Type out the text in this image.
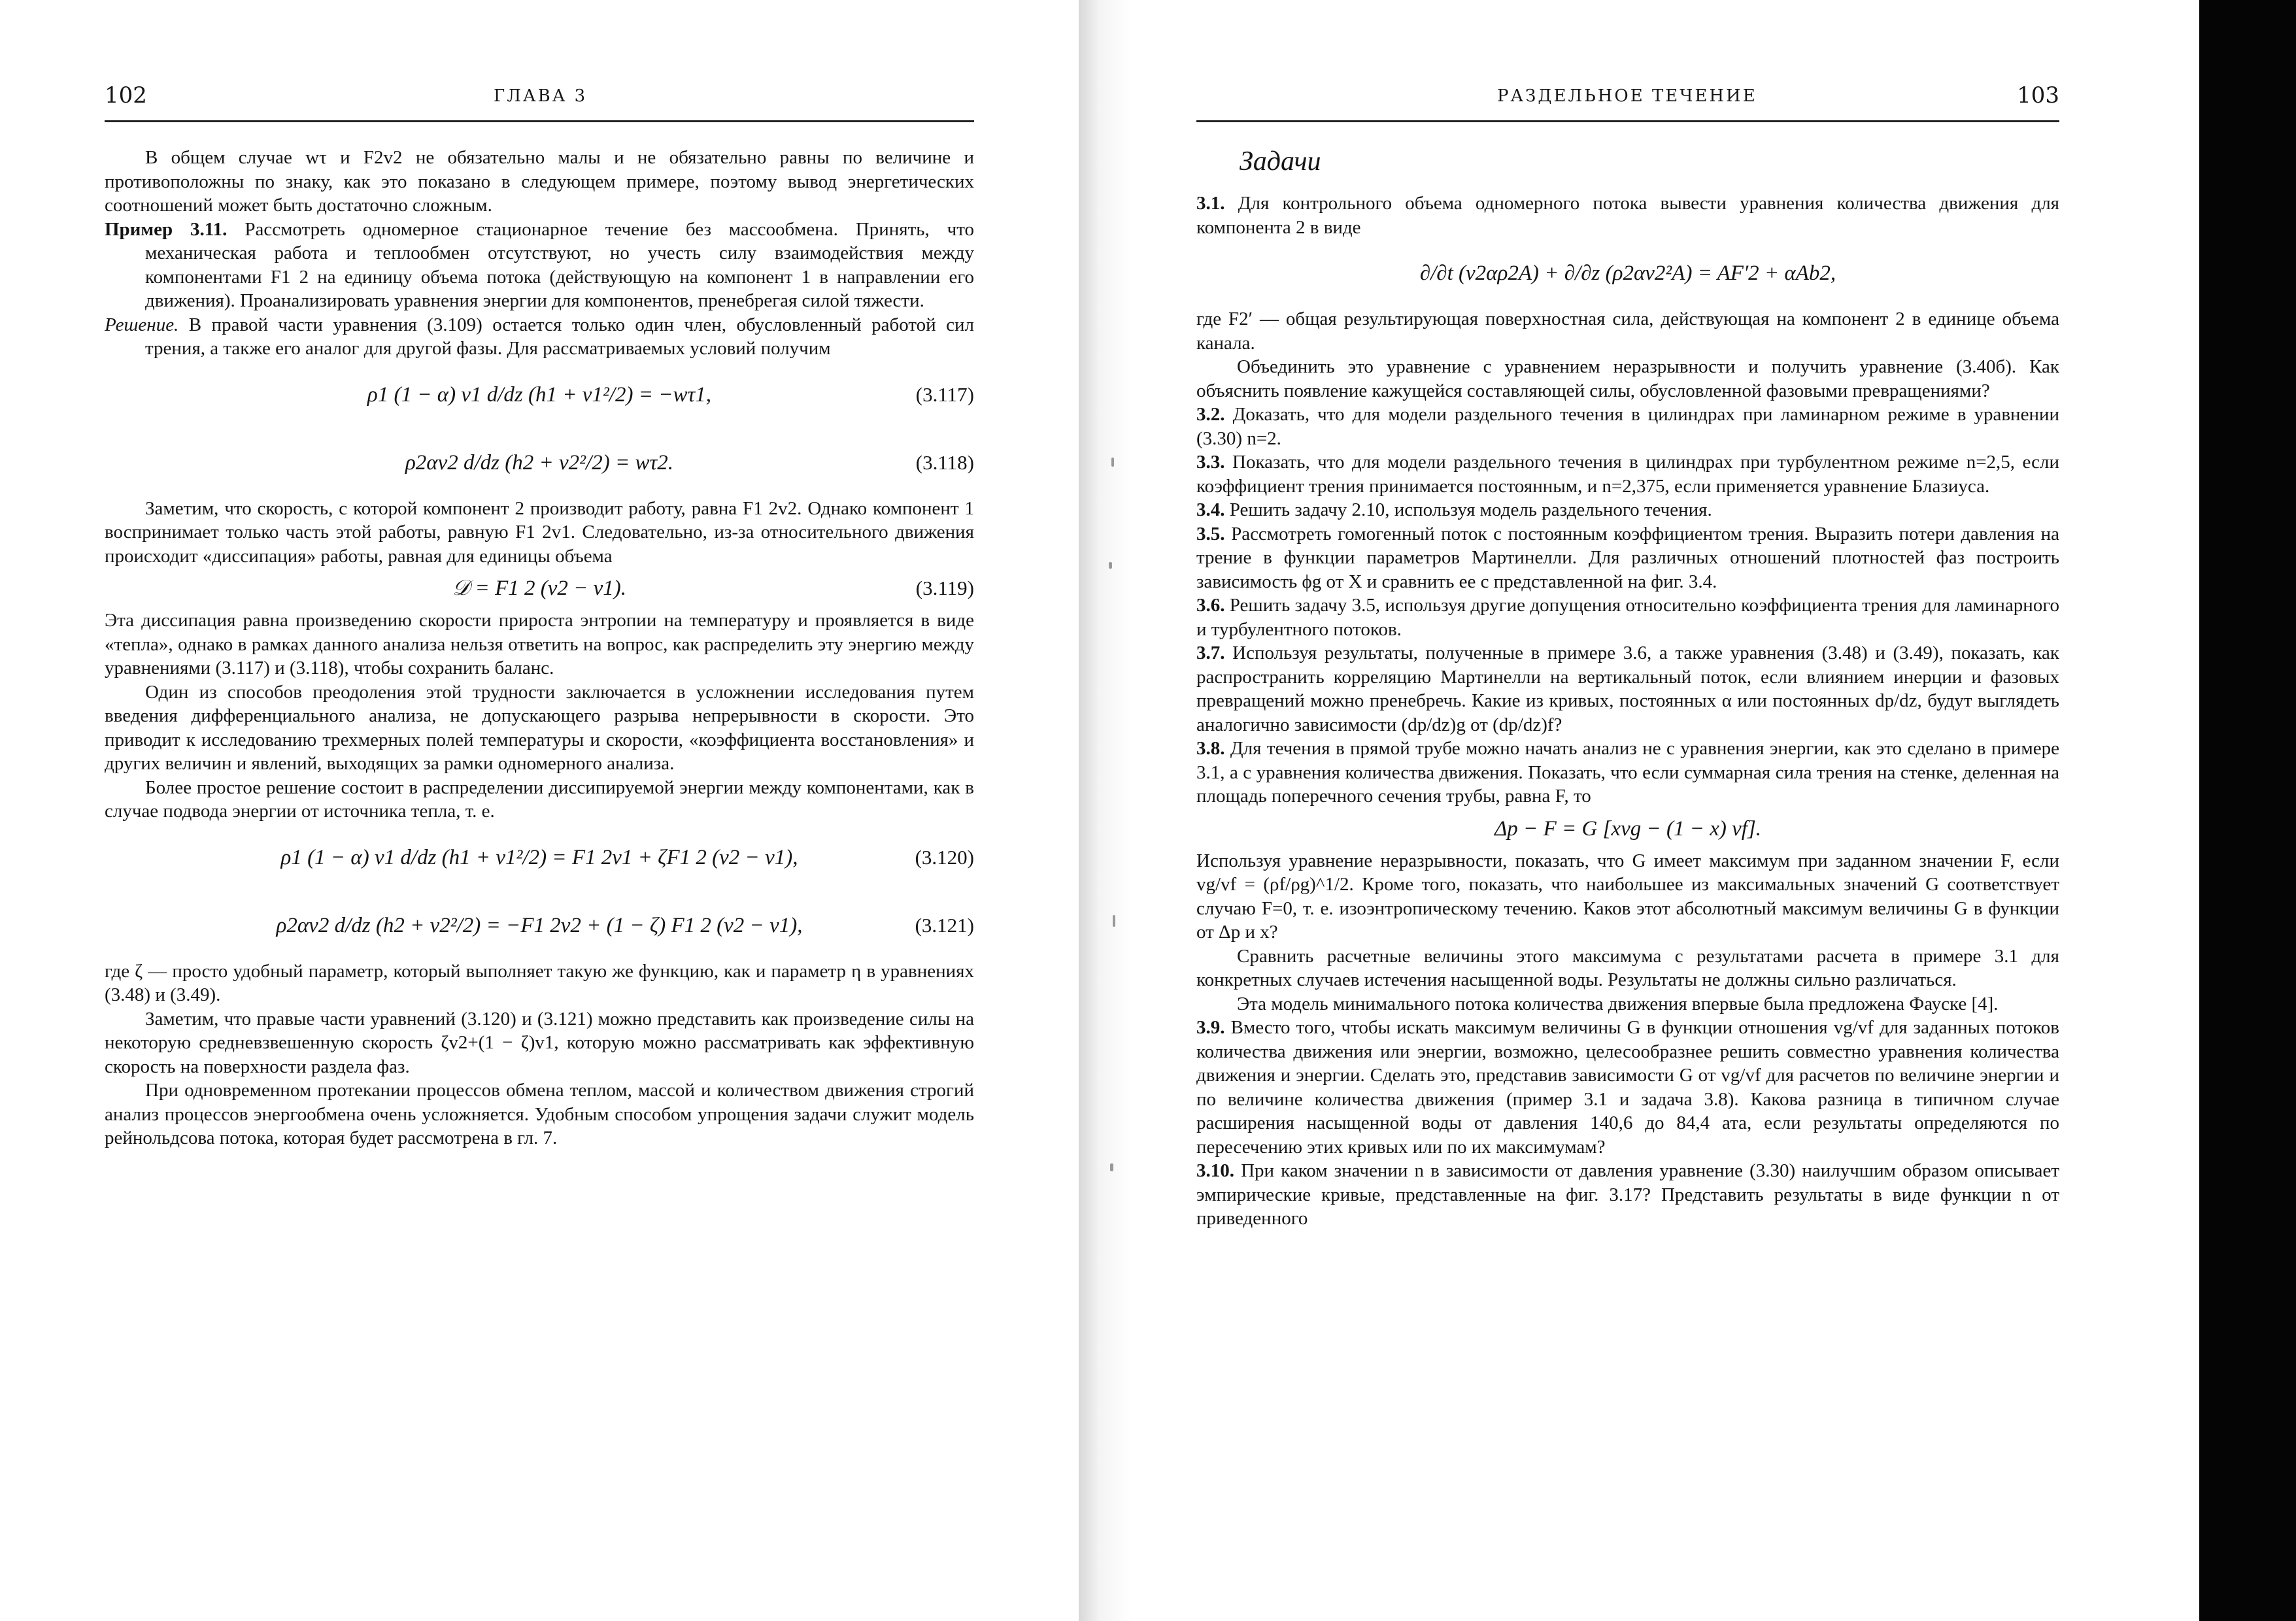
102	ГЛАВА 3

В общем случае wτ и F2v2 не обязательно малы и не обязательно равны по величине и противоположны по знаку, как это показано в следующем примере, поэтому вывод энергетических соотношений может быть достаточно сложным.

Пример 3.11. Рассмотреть одномерное стационарное течение без массообмена. Принять, что механическая работа и теплообмен отсутствуют, но учесть силу взаимодействия между компонентами F1 2 на единицу объема потока (действующую на компонент 1 в направлении его движения). Проанализировать уравнения энергии для компонентов, пренебрегая силой тяжести.

Решение. В правой части уравнения (3.109) остается только один член, обусловленный работой сил трения, а также его аналог для другой фазы. Для рассматриваемых условий получим

ρ1 (1 − α) v1 d/dz (h1 + v1²/2) = −wτ1,	(3.117)
ρ2αv2 d/dz (h2 + v2²/2) = wτ2.	(3.118)

Заметим, что скорость, с которой компонент 2 производит работу, равна F1 2v2. Однако компонент 1 воспринимает только часть этой работы, равную F1 2v1. Следовательно, из-за относительного движения происходит «диссипация» работы, равная для единицы объема

𝒟 = F1 2 (v2 − v1).	(3.119)

Эта диссипация равна произведению скорости прироста энтропии на температуру и проявляется в виде «тепла», однако в рамках данного анализа нельзя ответить на вопрос, как распределить эту энергию между уравнениями (3.117) и (3.118), чтобы сохранить баланс.

Один из способов преодоления этой трудности заключается в усложнении исследования путем введения дифференциального анализа, не допускающего разрыва непрерывности в скорости. Это приводит к исследованию трехмерных полей температуры и скорости, «коэффициента восстановления» и других величин и явлений, выходящих за рамки одномерного анализа.

Более простое решение состоит в распределении диссипируемой энергии между компонентами, как в случае подвода энергии от источника тепла, т. е.

ρ1 (1 − α) v1 d/dz (h1 + v1²/2) = F1 2v1 + ζF1 2 (v2 − v1),	(3.120)
ρ2αv2 d/dz (h2 + v2²/2) = −F1 2v2 + (1 − ζ) F1 2 (v2 − v1),	(3.121)

где ζ — просто удобный параметр, который выполняет такую же функцию, как и параметр η в уравнениях (3.48) и (3.49).

Заметим, что правые части уравнений (3.120) и (3.121) можно представить как произведение силы на некоторую средневзвешенную скорость ζv2+(1 − ζ)v1, которую можно рассматривать как эффективную скорость на поверхности раздела фаз.

При одновременном протекании процессов обмена теплом, массой и количеством движения строгий анализ процессов энергообмена очень усложняется. Удобным способом упрощения задачи служит модель рейнольдсова потока, которая будет рассмотрена в гл. 7.

РАЗДЕЛЬНОЕ ТЕЧЕНИЕ	103
Задачи

3.1. Для контрольного объема одномерного потока вывести уравнения количества движения для компонента 2 в виде

∂/∂t (v2αρ2A) + ∂/∂z (ρ2αv2²A) = AF′2 + αAb2,

где F2′ — общая результирующая поверхностная сила, действующая на компонент 2 в единице объема канала.

Объединить это уравнение с уравнением неразрывности и получить уравнение (3.40б). Как объяснить появление кажущейся составляющей силы, обусловленной фазовыми превращениями?

3.2. Доказать, что для модели раздельного течения в цилиндрах при ламинарном режиме в уравнении (3.30) n=2.

3.3. Показать, что для модели раздельного течения в цилиндрах при турбулентном режиме n=2,5, если коэффициент трения принимается постоянным, и n=2,375, если применяется уравнение Блазиуса.

3.4. Решить задачу 2.10, используя модель раздельного течения.

3.5. Рассмотреть гомогенный поток с постоянным коэффициентом трения. Выразить потери давления на трение в функции параметров Мартинелли. Для различных отношений плотностей фаз построить зависимость ϕg от X и сравнить ее с представленной на фиг. 3.4.

3.6. Решить задачу 3.5, используя другие допущения относительно коэффициента трения для ламинарного и турбулентного потоков.

3.7. Используя результаты, полученные в примере 3.6, а также уравнения (3.48) и (3.49), показать, как распространить корреляцию Мартинелли на вертикальный поток, если влиянием инерции и фазовых превращений можно пренебречь. Какие из кривых, постоянных α или постоянных dp/dz, будут выглядеть аналогично зависимости (dp/dz)g от (dp/dz)f?

3.8. Для течения в прямой трубе можно начать анализ не с уравнения энергии, как это сделано в примере 3.1, а с уравнения количества движения. Показать, что если суммарная сила трения на стенке, деленная на площадь поперечного сечения трубы, равна F, то

Δp − F = G [xvg − (1 − x) vf].

Используя уравнение неразрывности, показать, что G имеет максимум при заданном значении F, если vg/vf = (ρf/ρg)^1/2. Кроме того, показать, что наибольшее из максимальных значений G соответствует случаю F=0, т. е. изоэнтропическому течению. Каков этот абсолютный максимум величины G в функции от Δp и x?

Сравнить расчетные величины этого максимума с результатами расчета в примере 3.1 для конкретных случаев истечения насыщенной воды. Результаты не должны сильно различаться.

Эта модель минимального потока количества движения впервые была предложена Фауске [4].

3.9. Вместо того, чтобы искать максимум величины G в функции отношения vg/vf для заданных потоков количества движения или энергии, возможно, целесообразнее решить совместно уравнения количества движения и энергии. Сделать это, представив зависимости G от vg/vf для расчетов по величине энергии и по величине количества движения (пример 3.1 и задача 3.8). Какова разница в типичном случае расширения насыщенной воды от давления 140,6 до 84,4 ата, если результаты определяются по пересечению этих кривых или по их максимумам?

3.10. При каком значении n в зависимости от давления уравнение (3.30) наилучшим образом описывает эмпирические кривые, представленные на фиг. 3.17? Представить результаты в виде функции n от приведенного
